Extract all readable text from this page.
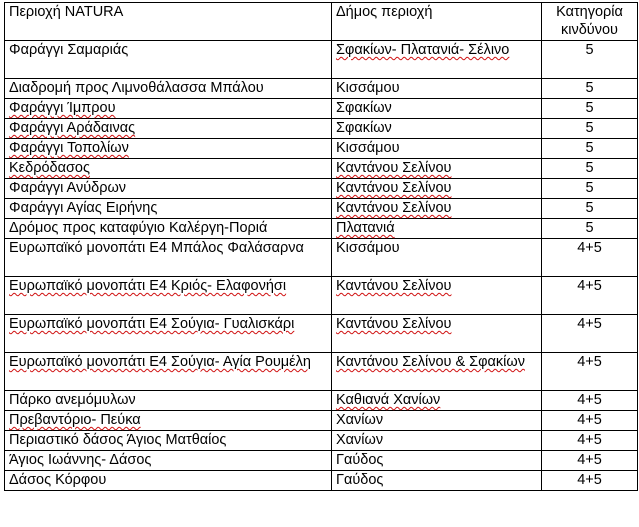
Περιοχή NATURA	Δήμος περιοχή	Κατηγορία κινδύνου
Φαράγγι Σαμαριάς	Σφακίων- Πλατανιά- Σέλινο	5
Διαδρομή προς Λιμνοθάλασσα Μπάλου	Κισσάμου	5
Φαράγγι Ίμπρου	Σφακίων	5
Φαράγγι Αράδαινας	Σφακίων	5
Φαράγγι Τοπολίων	Κισσάμου	5
Κεδρόδασος	Καντάνου Σελίνου	5
Φαράγγι Ανύδρων	Καντάνου Σελίνου	5
Φαράγγι Αγίας Ειρήνης	Καντάνου Σελίνου	5
Δρόμος προς καταφύγιο Καλέργη-Ποριά	Πλατανιά	5
Ευρωπαϊκό μονοπάτι Ε4 Μπάλος Φαλάσαρνα	Κισσάμου	4+5
Ευρωπαϊκό μονοπάτι Ε4 Κριός- Ελαφονήσι	Καντάνου Σελίνου	4+5
Ευρωπαϊκό μονοπάτι Ε4 Σούγια- Γυαλισκάρι	Καντάνου Σελίνου	4+5
Ευρωπαϊκό μονοπάτι Ε4 Σούγια- Αγία Ρουμέλη	Καντάνου Σελίνου & Σφακίων	4+5
Πάρκο ανεμόμυλων	Καθιανά Χανίων	4+5
Πρεβαντόριο- Πεύκα	Χανίων	4+5
Περιαστικό δάσος Άγιος Ματθαίος	Χανίων	4+5
Άγιος Ιωάννης- Δάσος	Γαύδος	4+5
Δάσος Κόρφου	Γαύδος	4+5
